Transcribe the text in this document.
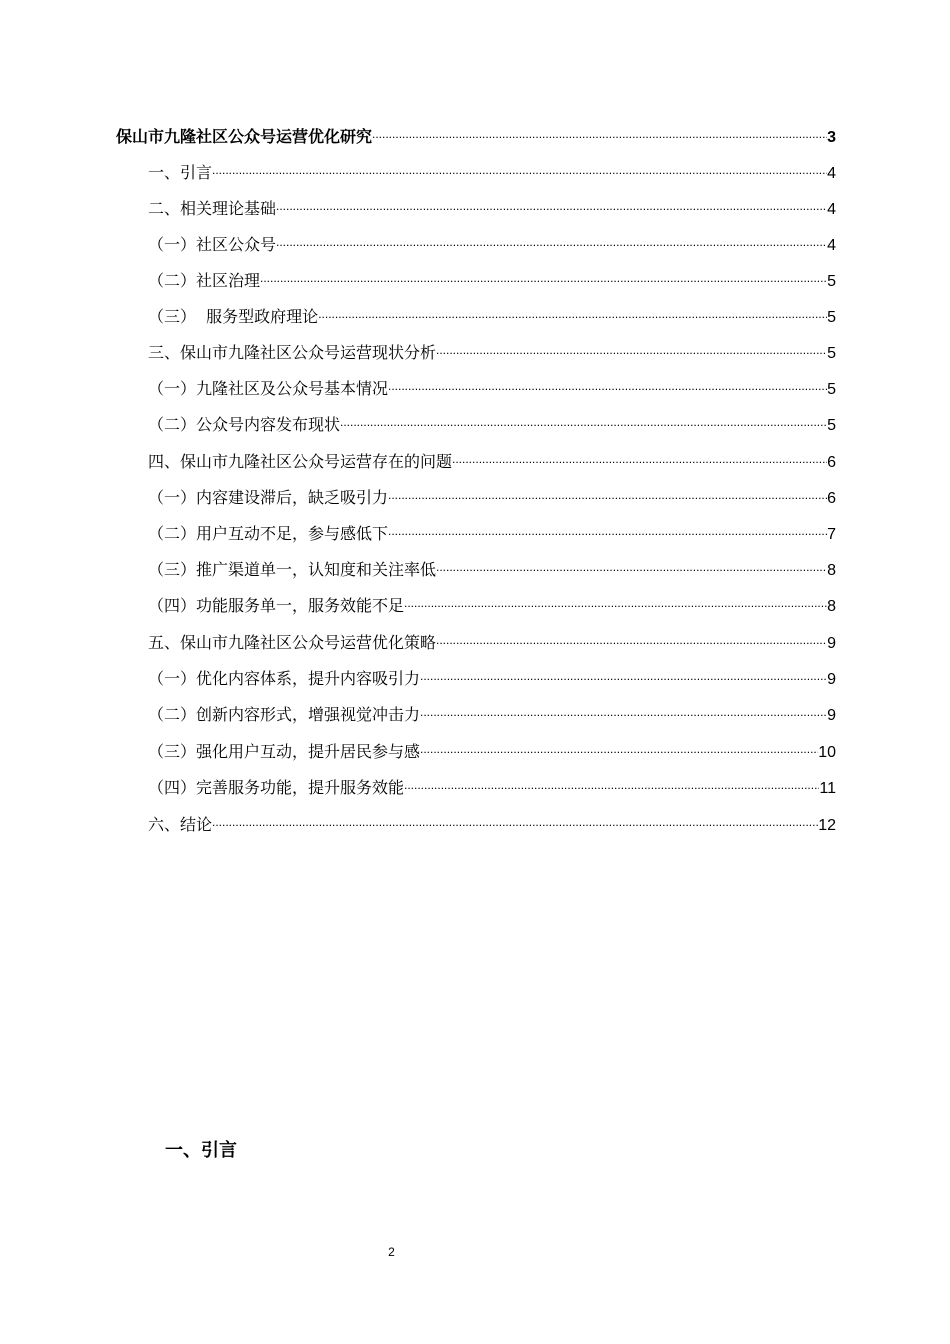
保山市九隆社区公众号运营优化研究 .....	3
一、引言 .....	4
二、相关理论基础 .....	4
（一）社区公众号 .....	4
（二）社区治理 .....	5
（三）  服务型政府理论 .....	5
三、保山市九隆社区公众号运营现状分析 .....	5
（一）九隆社区及公众号基本情况 .....	5
（二）公众号内容发布现状 .....	5
四、保山市九隆社区公众号运营存在的问题 .....	6
（一）内容建设滞后，缺乏吸引力 .....	6
（二）用户互动不足，参与感低下 .....	7
（三）推广渠道单一，认知度和关注率低 .....	8
（四）功能服务单一，服务效能不足 .....	8
五、保山市九隆社区公众号运营优化策略 .....	9
（一）优化内容体系，提升内容吸引力 .....	9
（二）创新内容形式，增强视觉冲击力 .....	9
（三）强化用户互动，提升居民参与感 .....	10
（四）完善服务功能，提升服务效能 .....	11
六、结论 .....	12
一、引言
2
